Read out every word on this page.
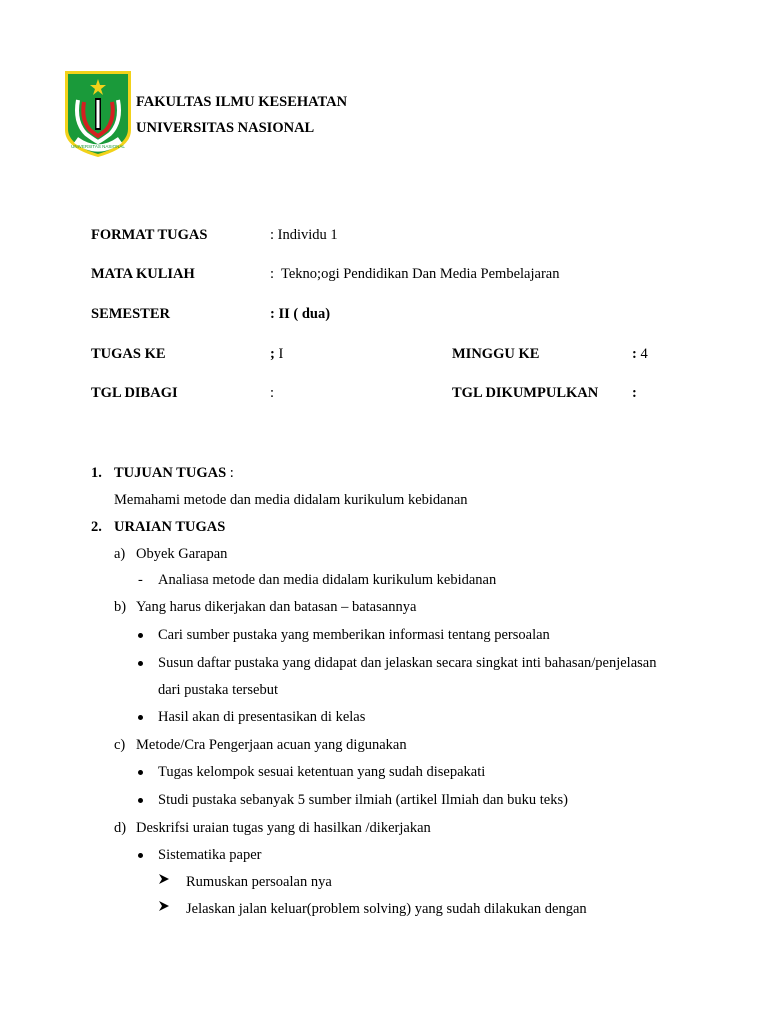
UNIVERSITAS NASIONAL
FAKULTAS ILMU KESEHATAN
UNIVERSITAS NASIONAL
FORMAT TUGAS	: Individu 1
MATA KULIAH	:  Tekno;ogi Pendidikan Dan Media Pembelajaran
SEMESTER	: II ( dua)
TUGAS KE	; I	MINGGU KE	: 4
TGL DIBAGI	:	TGL DIKUMPULKAN :
1. TUJUAN TUGAS :
Memahami metode dan media didalam kurikulum kebidanan
2. URAIAN TUGAS
a) Obyek Garapan
- Analiasa metode dan media didalam kurikulum kebidanan
b) Yang harus dikerjakan dan batasan – batasannya
Cari sumber pustaka yang memberikan informasi tentang persoalan
Susun daftar pustaka yang didapat dan jelaskan secara singkat inti bahasan/penjelasan
dari pustaka tersebut
Hasil akan di presentasikan di kelas
c) Metode/Cra Pengerjaan acuan yang digunakan
Tugas kelompok sesuai ketentuan yang sudah disepakati
Studi pustaka sebanyak 5 sumber ilmiah (artikel Ilmiah dan buku teks)
d) Deskrifsi uraian tugas yang di hasilkan /dikerjakan
Sistematika paper
Rumuskan persoalan nya
Jelaskan jalan keluar(problem solving) yang sudah dilakukan dengan
